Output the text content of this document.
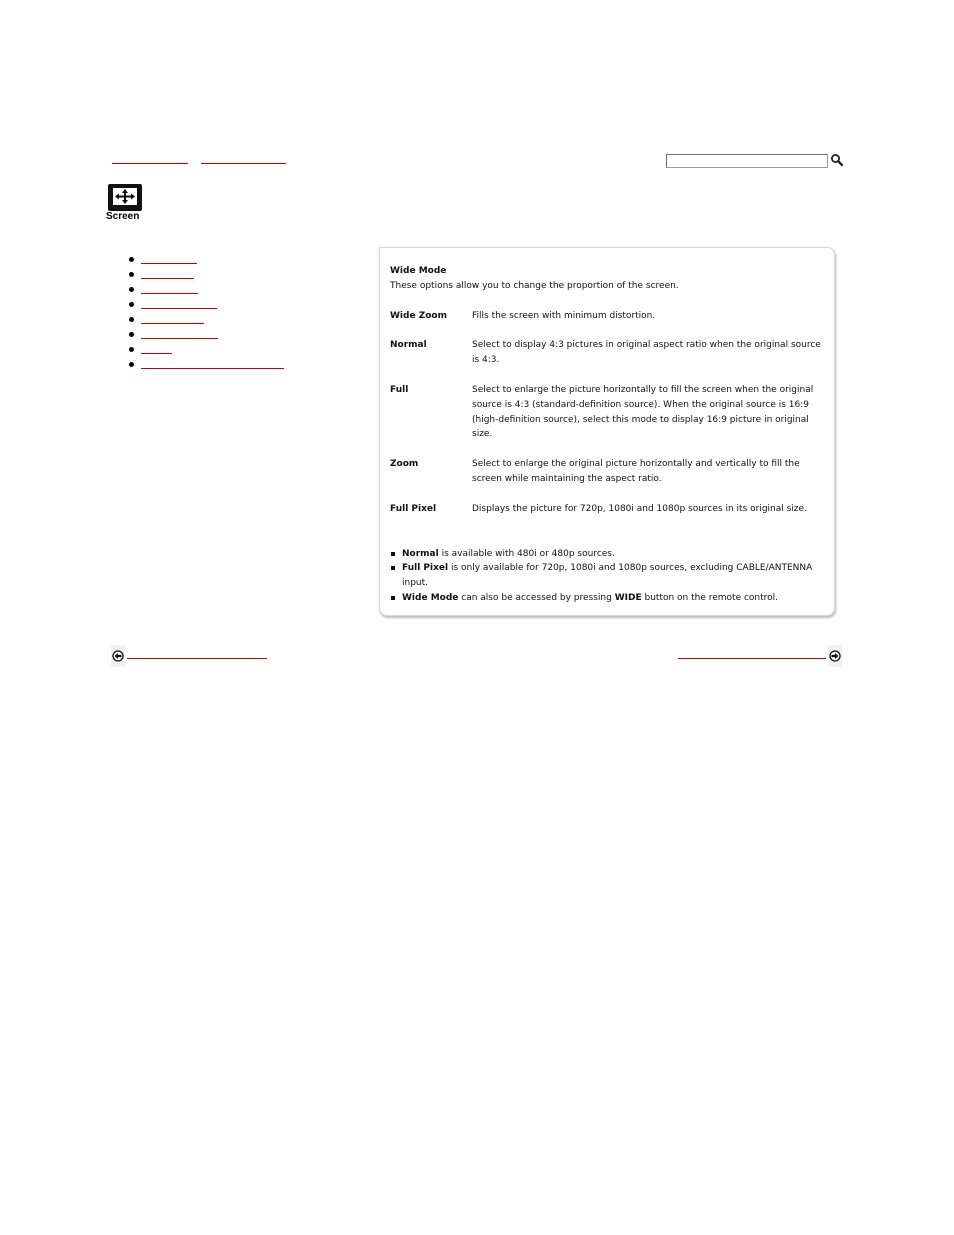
Screen
Wide Mode
These options allow you to change the proportion of the screen.
Wide Zoom	Fills the screen with minimum distortion.
Normal	Select to display 4:3 pictures in original aspect ratio when the original source is 4:3.
Full	Select to enlarge the picture horizontally to fill the screen when the original source is 4:3 (standard-definition source). When the original source is 16:9 (high-definition source), select this mode to display 16:9 picture in original size.
Zoom	Select to enlarge the original picture horizontally and vertically to fill the screen while maintaining the aspect ratio.
Full Pixel	Displays the picture for 720p, 1080i and 1080p sources in its original size.
Normal is available with 480i or 480p sources.
Full Pixel is only available for 720p, 1080i and 1080p sources, excluding CABLE/ANTENNA input.
Wide Mode can also be accessed by pressing WIDE button on the remote control.
